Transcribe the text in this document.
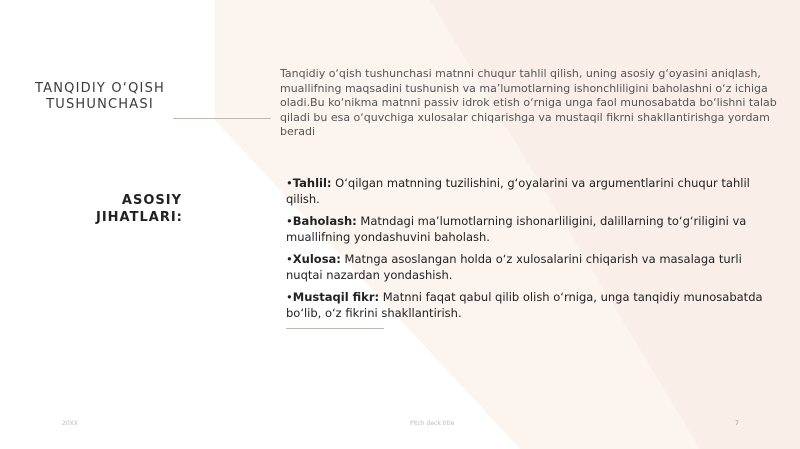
TANQIDIY O‘QISH TUSHUNCHASI
Tanqidiy o‘qish tushunchasi matnni chuqur tahlil qilish, uning asosiy g‘oyasini aniqlash, muallifning maqsadini tushunish va ma’lumotlarning ishonchliligini baholashni o‘z ichiga oladi.Bu ko‘nikma matnni passiv idrok etish o‘rniga unga faol munosabatda bo‘lishni talab qiladi bu esa o‘quvchiga xulosalar chiqarishga va mustaqil fikrni shakllantirishga yordam beradi
ASOSIY JIHATLARI:
•Tahlil: O‘qilgan matnning tuzilishini, g‘oyalarini va argumentlarini chuqur tahlil qilish.
•Baholash: Matndagi ma’lumotlarning ishonarliligini, dalillarning to‘g‘riligini va muallifning yondashuvini baholash.
•Xulosa: Matnga asoslangan holda o‘z xulosalarini chiqarish va masalaga turli nuqtai nazardan yondashish.
•Mustaqil fikr: Matnni faqat qabul qilib olish o‘rniga, unga tanqidiy munosabatda bo‘lib, o‘z fikrini shakllantirish.
20XX	Pitch deck title	7
